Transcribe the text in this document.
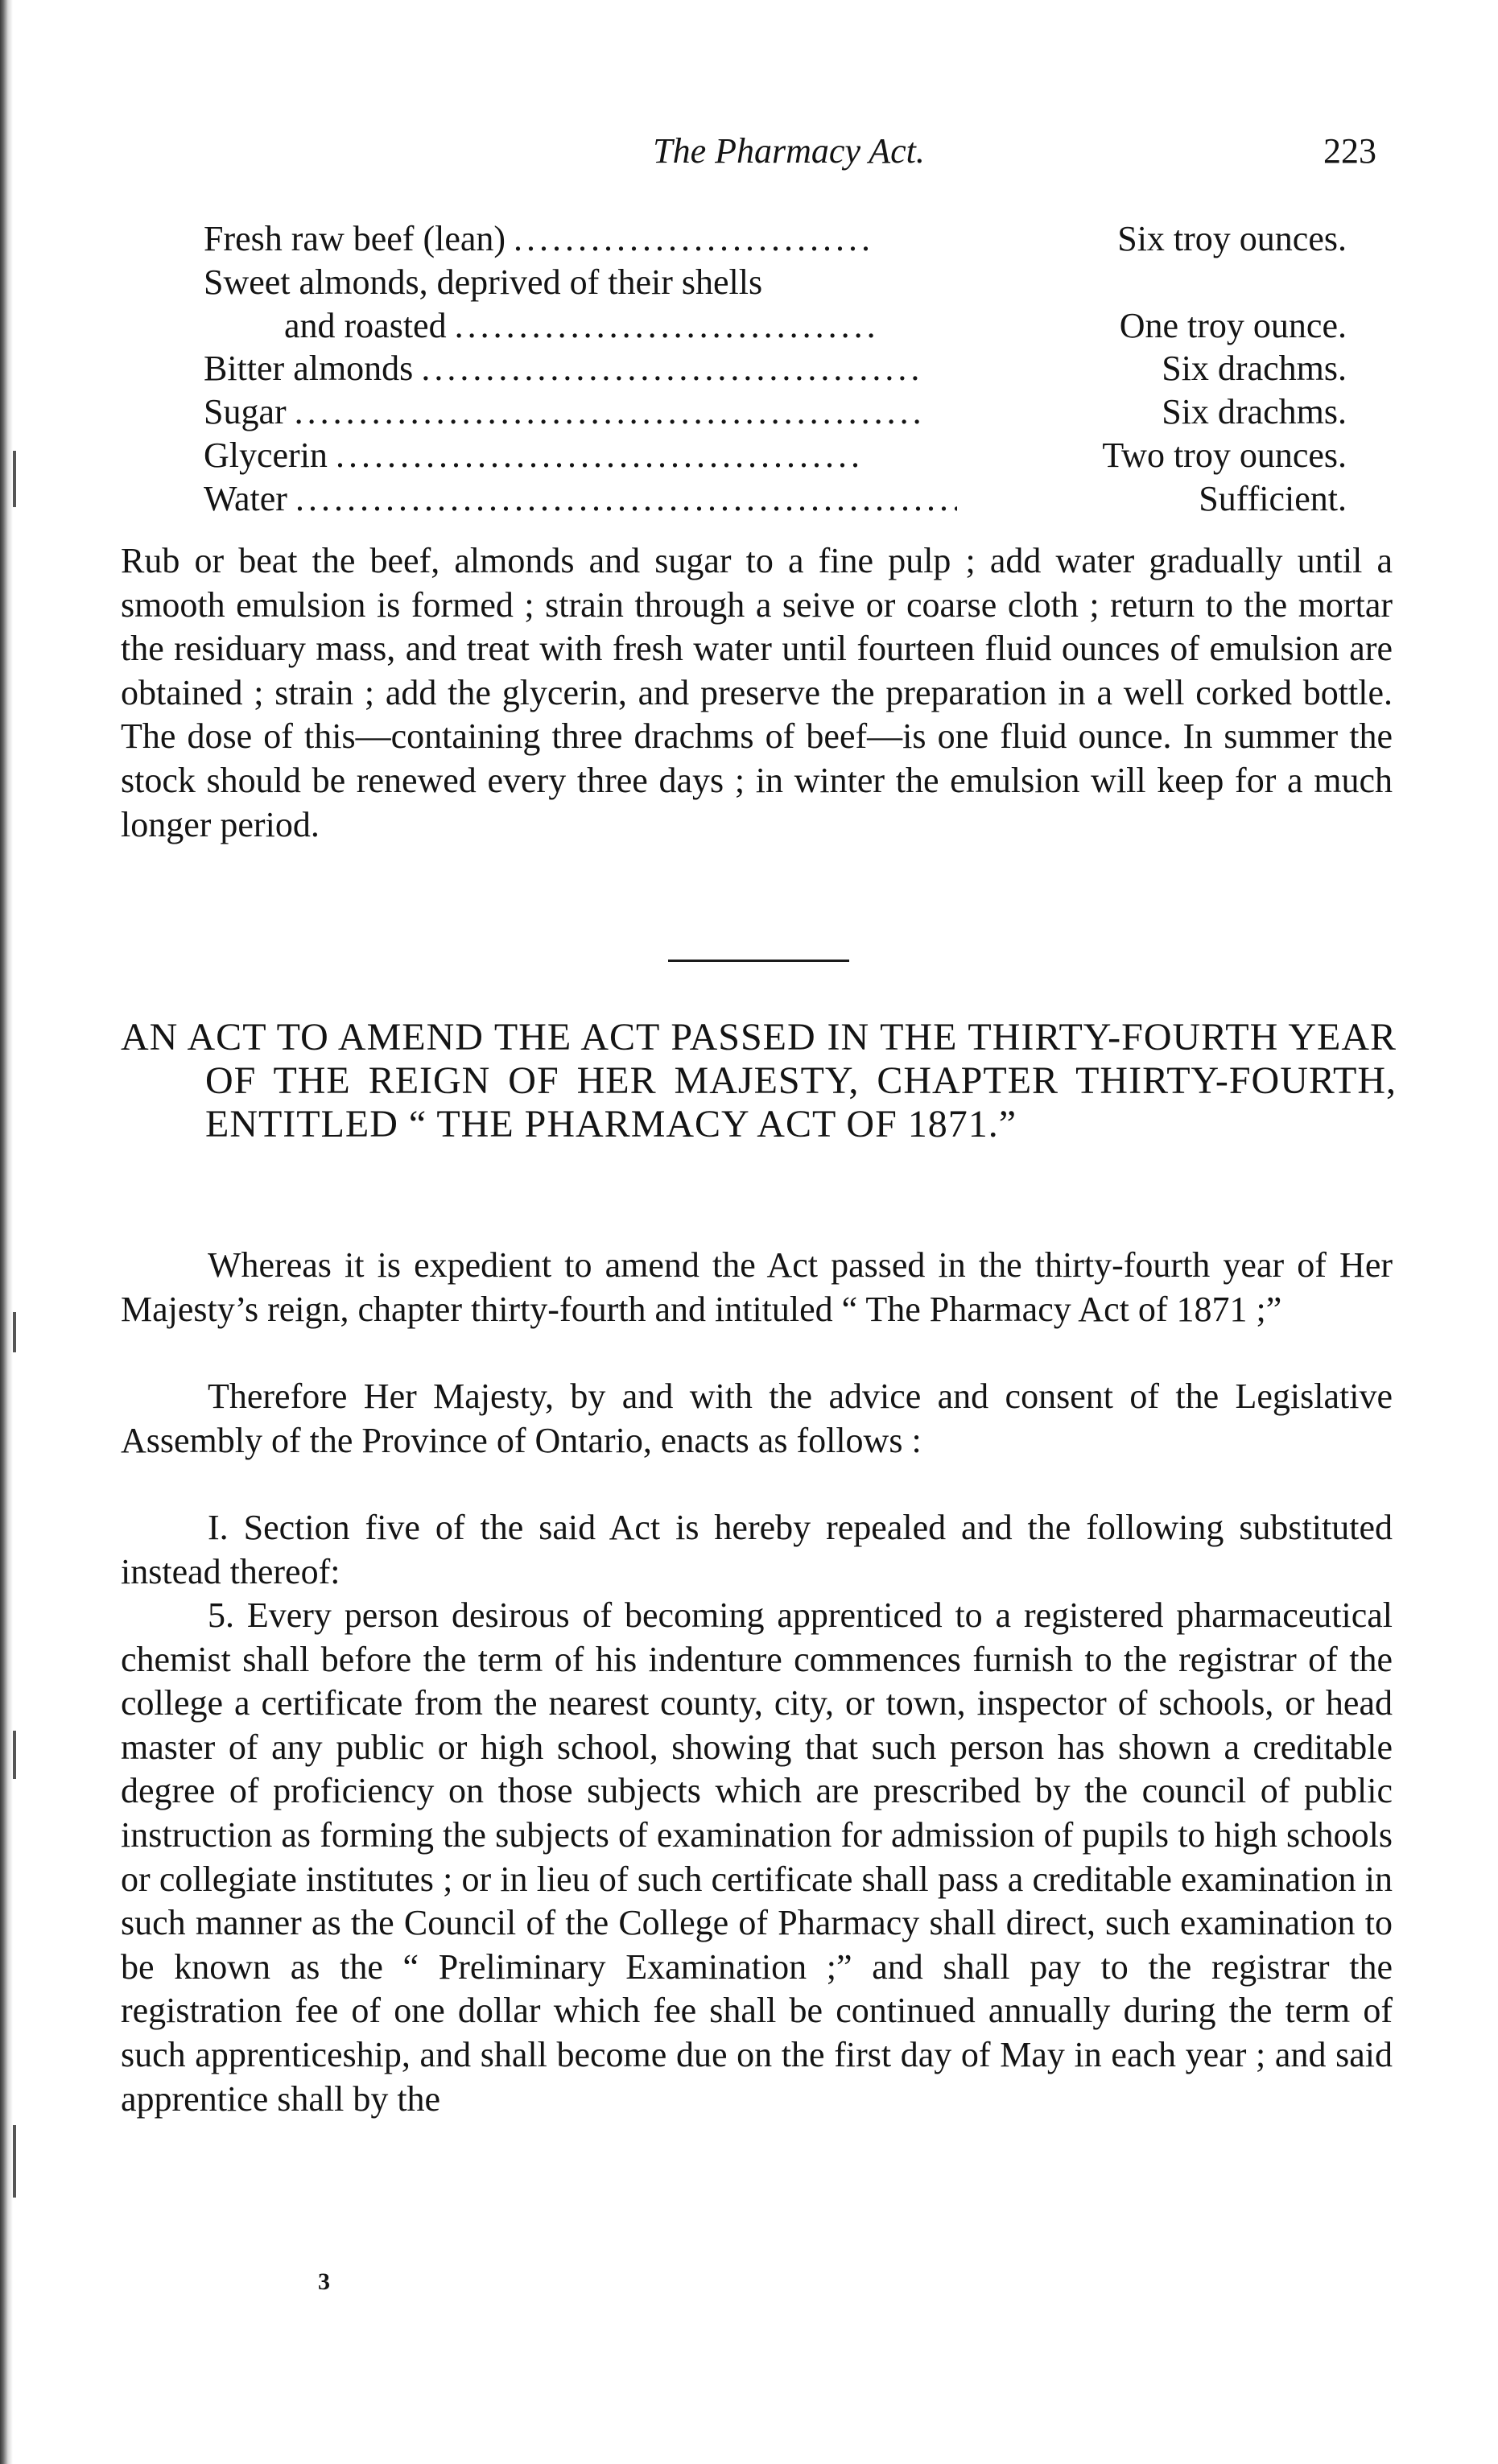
The Pharmacy Act.	223
Fresh raw beef (lean) .....	Six troy ounces.
Sweet almonds, deprived of their shells
and roasted .....	One troy ounce.
Bitter almonds .....	Six drachms.
Sugar .....	Six drachms.
Glycerin .....	Two troy ounces.
Water .....	Sufficient.

Rub or beat the beef, almonds and sugar to a fine pulp ; add water gradually until a smooth emulsion is formed ; strain through a seive or coarse cloth ; return to the mortar the residuary mass, and treat with fresh water until fourteen fluid ounces of emulsion are obtained ; strain ; add the glycerin, and preserve the preparation in a well corked bottle. The dose of this—containing three drachms of beef—is one fluid ounce. In summer the stock should be renewed every three days ; in winter the emulsion will keep for a much longer period.

AN ACT TO AMEND THE ACT PASSED IN THE THIRTY-FOURTH YEAR OF THE REIGN OF HER MAJESTY, CHAPTER THIRTY-FOURTH, ENTITLED “ THE PHARMACY ACT OF 1871.”

Whereas it is expedient to amend the Act passed in the thirty-fourth year of Her Majesty’s reign, chapter thirty-fourth and intituled “ The Pharmacy Act of 1871 ;”

Therefore Her Majesty, by and with the advice and consent of the Legislative Assembly of the Province of Ontario, enacts as follows :

I. Section five of the said Act is hereby repealed and the following substituted instead thereof:

5. Every person desirous of becoming apprenticed to a registered pharmaceutical chemist shall before the term of his indenture commences furnish to the registrar of the college a certificate from the nearest county, city, or town, inspector of schools, or head master of any public or high school, showing that such person has shown a creditable degree of proficiency on those subjects which are prescribed by the council of public instruction as forming the subjects of examination for admission of pupils to high schools or collegiate institutes ; or in lieu of such certificate shall pass a creditable examination in such manner as the Council of the College of Pharmacy shall direct, such examination to be known as the “ Preliminary Examination ;” and shall pay to the registrar the registration fee of one dollar which fee shall be continued annually during the term of such apprenticeship, and shall become due on the first day of May in each year ; and said apprentice shall by the

3
